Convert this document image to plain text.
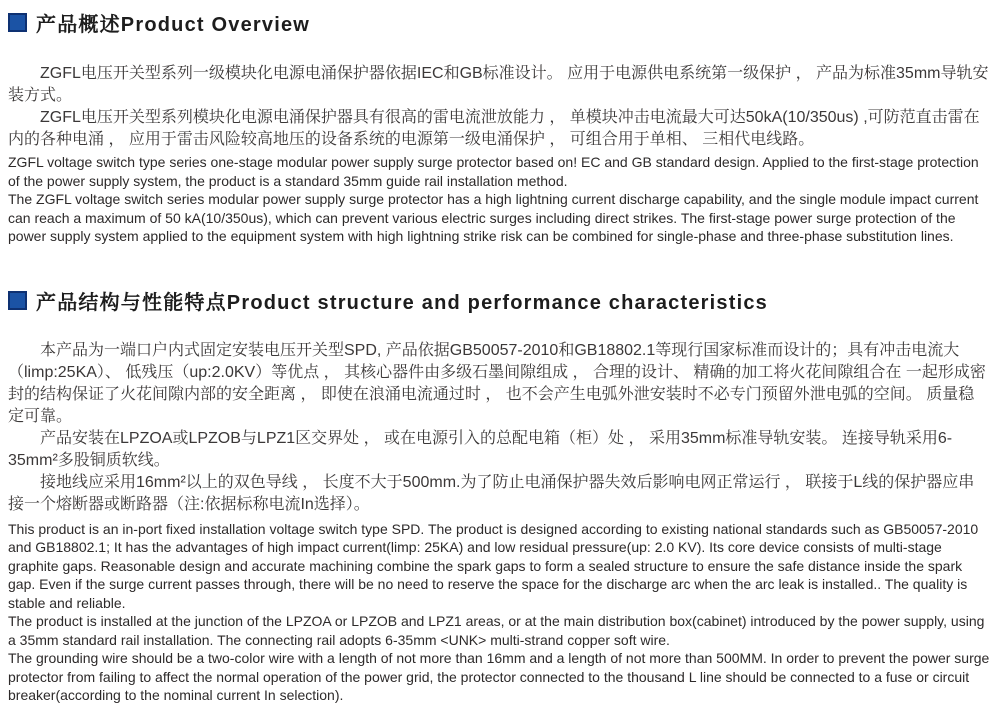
产品概述Product Overview

ZGFL电压开关型系列一级模块化电源电涌保护器依据IEC和GB标准设计。 应用于电源供电系统第一级保护 ， 产品为标准35mm导轨安装方式。

ZGFL电压开关型系列模块化电源电涌保护器具有很高的雷电流泄放能力 ， 单模块冲击电流最大可达50kA(10/350us) ,可防范直击雷在内的各种电涌 ， 应用于雷击风险较高地压的设备系统的电源第一级电涌保护 ， 可组合用于单相、 三相代电线路。

ZGFL voltage switch type series one-stage modular power supply surge protector based on! EC and GB standard design. Applied to the first-stage protection of the power supply system, the product is a standard 35mm guide rail installation method.

The ZGFL voltage switch series modular power supply surge protector has a high lightning current discharge capability, and the single module impact current can reach a maximum of 50 kA(10/350us), which can prevent various electric surges including direct strikes. The first-stage power surge protection of the power supply system applied to the equipment system with high lightning strike risk can be combined for single-phase and three-phase substitution lines.

产品结构与性能特点Product structure and performance characteristics

本产品为一端口户内式固定安装电压开关型SPD, 产品依据GB50057-2010和GB18802.1等现行国家标准而设计的；具有冲击电流大（limp:25KA）、 低残压（up:2.0KV）等优点 ， 其核心器件由多级石墨间隙组成 ， 合理的设计、 精确的加工将火花间隙组合在 一起形成密封的结构保证了火花间隙内部的安全距离 ， 即使在浪涌电流通过时 ， 也不会产生电弧外泄安装时不必专门预留外泄电弧的空间。 质量稳定可靠。

产品安装在LPZOA或LPZOB与LPZ1区交界处 ， 或在电源引入的总配电箱（柜）处 ， 采用35mm标准导轨安装。 连接导轨采用6-35mm²多股铜质软线。

接地线应采用16mm²以上的双色导线 ， 长度不大于500mm.为了防止电涌保护器失效后影响电网正常运行 ， 联接于L线的保护器应串接一个熔断器或断路器（注:依据标称电流In选择）。

This product is an in-port fixed installation voltage switch type SPD. The product is designed according to existing national standards such as GB50057-2010 and GB18802.1; It has the advantages of high impact current(limp: 25KA) and low residual pressure(up: 2.0 KV). Its core device consists of multi-stage graphite gaps. Reasonable design and accurate machining combine the spark gaps to form a sealed structure to ensure the safe distance inside the spark gap. Even if the surge current passes through, there will be no need to reserve the space for the discharge arc when the arc leak is installed.. The quality is stable and reliable.

The product is installed at the junction of the LPZOA or LPZOB and LPZ1 areas, or at the main distribution box(cabinet) introduced by the power supply, using a 35mm standard rail installation. The connecting rail adopts 6-35mm <UNK> multi-strand copper soft wire.

The grounding wire should be a two-color wire with a length of not more than 16mm and a length of not more than 500MM. In order to prevent the power surge protector from failing to affect the normal operation of the power grid, the protector connected to the thousand L line should be connected to a fuse or circuit breaker(according to the nominal current In selection).
